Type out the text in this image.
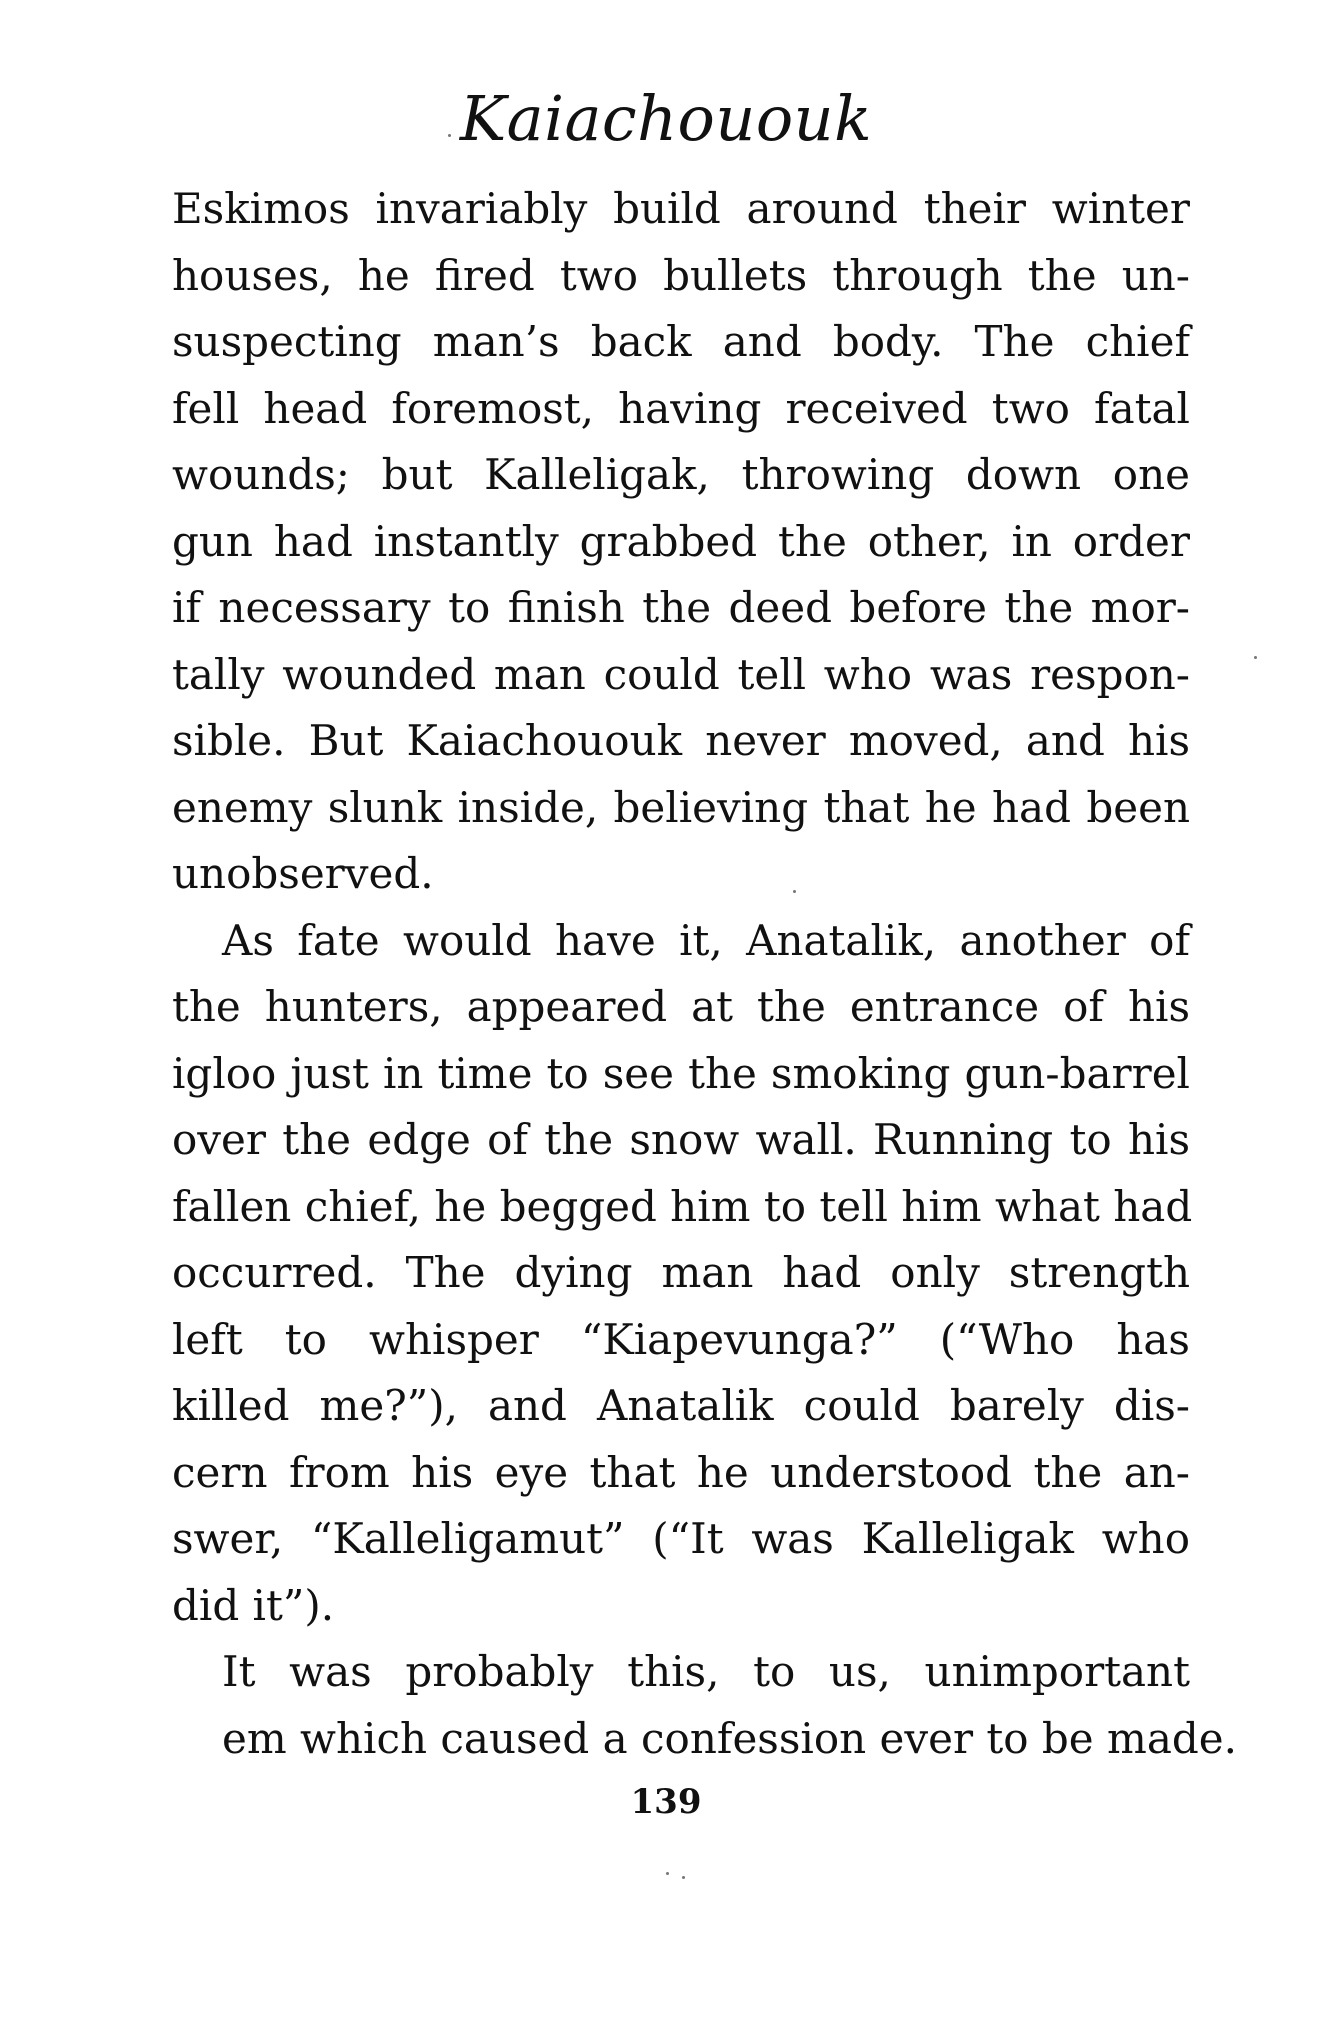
Kaiachououk

Eskimos invariably build around their winter
houses, he fired two bullets through the un-
suspecting man’s back and body. The chief
fell head foremost, having received two fatal
wounds; but Kalleligak, throwing down one
gun had instantly grabbed the other, in order
if necessary to finish the deed before the mor-
tally wounded man could tell who was respon-
sible. But Kaiachououk never moved, and his
enemy slunk inside, believing that he had been
unobserved.

As fate would have it, Anatalik, another of
the hunters, appeared at the entrance of his
igloo just in time to see the smoking gun-barrel
over the edge of the snow wall. Running to his
fallen chief, he begged him to tell him what had
occurred. The dying man had only strength
left to whisper “Kiapevunga?” (“Who has
killed me?”), and Anatalik could barely dis-
cern from his eye that he understood the an-
swer, “Kalleligamut” (“It was Kalleligak who
did it”).

It was probably this, to us, unimportant
em which caused a confession ever to be made.

139
